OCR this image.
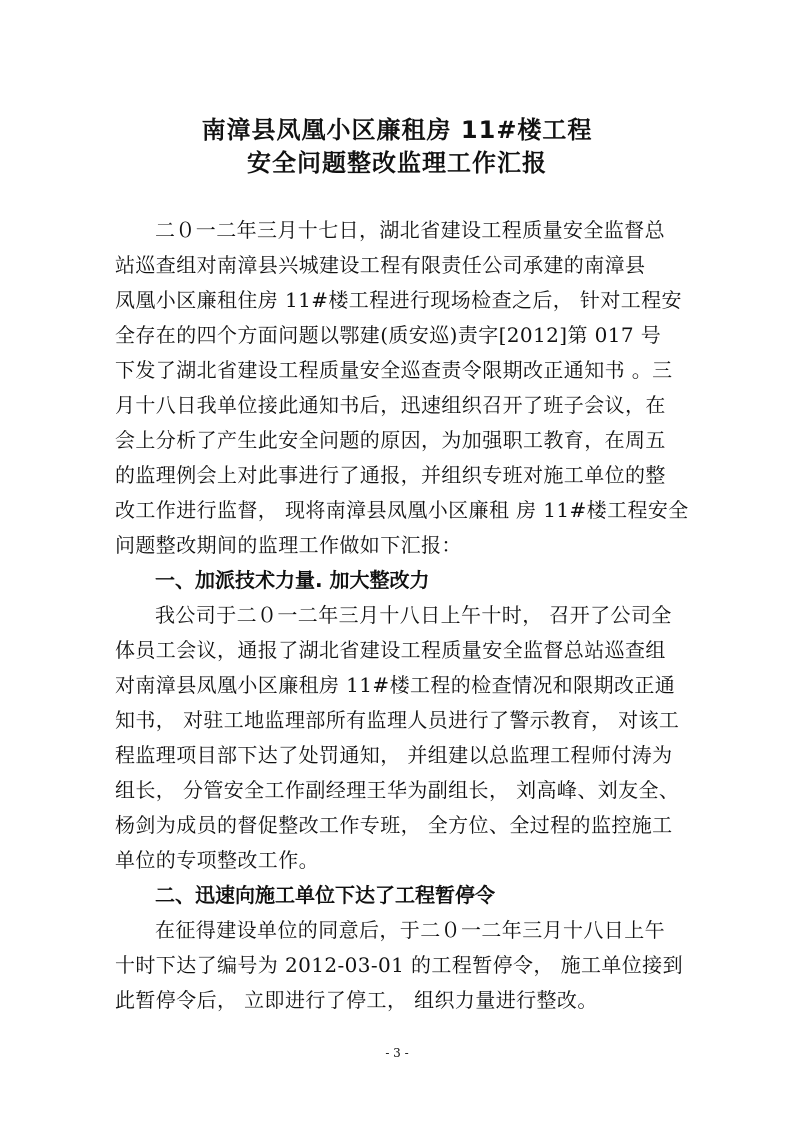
南漳县凤凰小区廉租房 11#楼工程
安全问题整改监理工作汇报
二０一二年三月十七日，湖北省建设工程质量安全监督总
站巡查组对南漳县兴城建设工程有限责任公司承建的南漳县
凤凰小区廉租住房 11#楼工程进行现场检查之后， 针对工程安
全存在的四个方面问题以鄂建(质安巡)责字[2012]第 017 号
下发了湖北省建设工程质量安全巡查责令限期改正通知书 。三
月十八日我单位接此通知书后，迅速组织召开了班子会议，在
会上分析了产生此安全问题的原因，为加强职工教育，在周五
的监理例会上对此事进行了通报，并组织专班对施工单位的整
改工作进行监督， 现将南漳县凤凰小区廉租 房 11#楼工程安全
问题整改期间的监理工作做如下汇报：
一、加派技术力量. 加大整改力
我公司于二０一二年三月十八日上午十时， 召开了公司全
体员工会议，通报了湖北省建设工程质量安全监督总站巡查组
对南漳县凤凰小区廉租房 11#楼工程的检查情况和限期改正通
知书， 对驻工地监理部所有监理人员进行了警示教育， 对该工
程监理项目部下达了处罚通知， 并组建以总监理工程师付涛为
组长， 分管安全工作副经理王华为副组长， 刘高峰、刘友全、
杨剑为成员的督促整改工作专班， 全方位、全过程的监控施工
单位的专项整改工作。
二、迅速向施工单位下达了工程暂停令
在征得建设单位的同意后，于二０一二年三月十八日上午
十时下达了编号为 2012-03-01 的工程暂停令， 施工单位接到
此暂停令后， 立即进行了停工， 组织力量进行整改。
- 3 -
